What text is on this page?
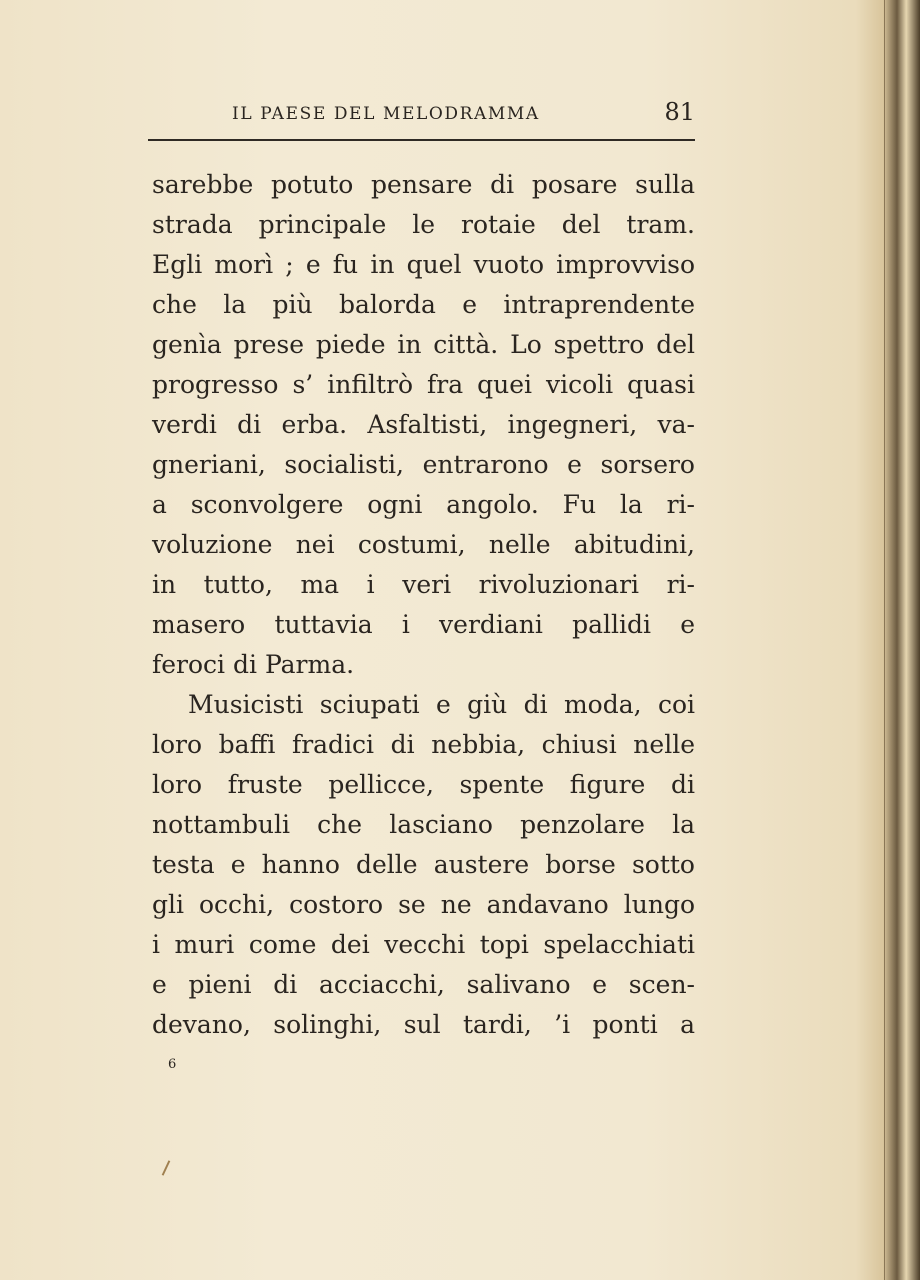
IL PAESE DEL MELODRAMMA	81
sarebbe potuto pensare di posare sulla
strada principale le rotaie del tram.
Egli morì ; e fu in quel vuoto improvviso
che la più balorda e intraprendente
genìa prese piede in città. Lo spettro del
progresso s’ infiltrò fra quei vicoli quasi
verdi di erba. Asfaltisti, ingegneri, va-
gneriani, socialisti, entrarono e sorsero
a sconvolgere ogni angolo. Fu la ri-
voluzione nei costumi, nelle abitudini,
in tutto, ma i veri rivoluzionari ri-
masero tuttavia i verdiani pallidi e
feroci di Parma.
Musicisti sciupati e giù di moda, coi
loro baffi fradici di nebbia, chiusi nelle
loro fruste pellicce, spente figure di
nottambuli che lasciano penzolare la
testa e hanno delle austere borse sotto
gli occhi, costoro se ne andavano lungo
i muri come dei vecchi topi spelacchiati
e pieni di acciacchi, salivano e scen-
devano, solinghi, sul tardi, ’i ponti a
6
